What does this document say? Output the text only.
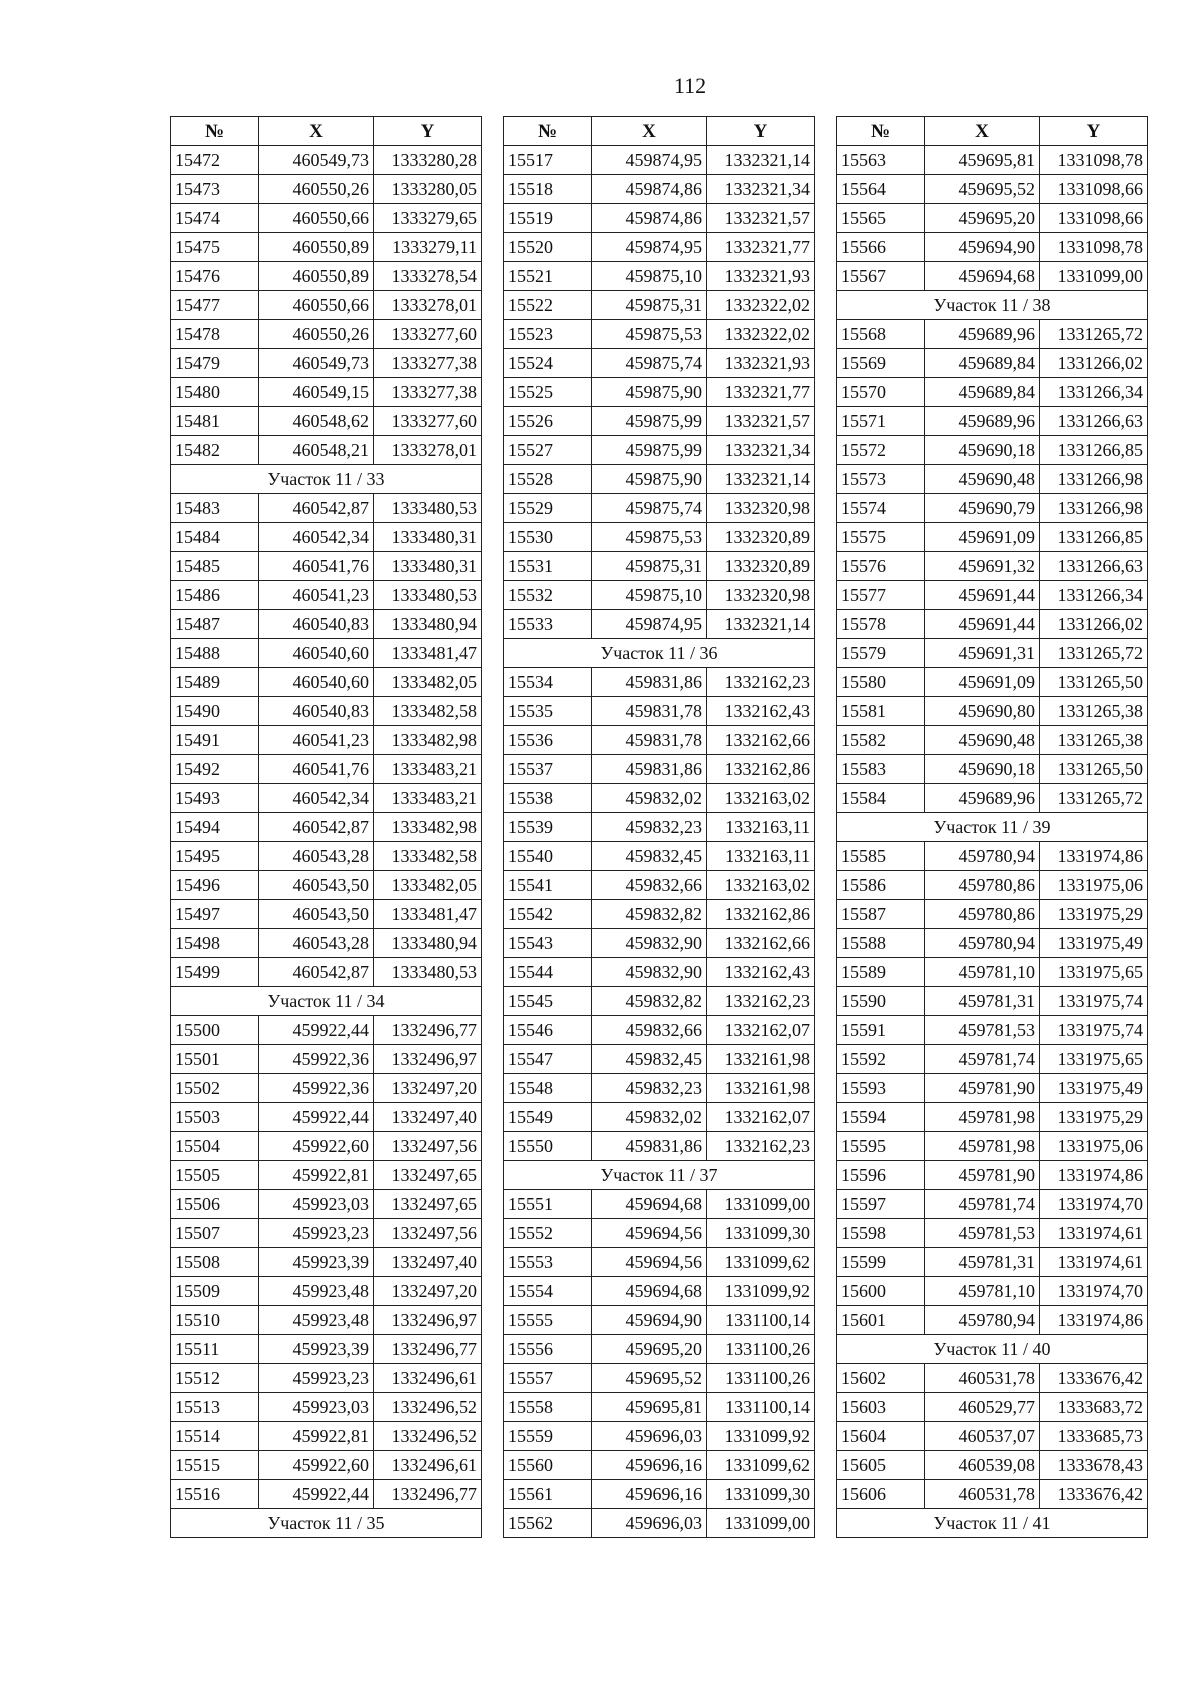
112
№	X	Y
15472	460549,73	1333280,28
15473	460550,26	1333280,05
15474	460550,66	1333279,65
15475	460550,89	1333279,11
15476	460550,89	1333278,54
15477	460550,66	1333278,01
15478	460550,26	1333277,60
15479	460549,73	1333277,38
15480	460549,15	1333277,38
15481	460548,62	1333277,60
15482	460548,21	1333278,01
Участок 11 / 33		
15483	460542,87	1333480,53
15484	460542,34	1333480,31
15485	460541,76	1333480,31
15486	460541,23	1333480,53
15487	460540,83	1333480,94
15488	460540,60	1333481,47
15489	460540,60	1333482,05
15490	460540,83	1333482,58
15491	460541,23	1333482,98
15492	460541,76	1333483,21
15493	460542,34	1333483,21
15494	460542,87	1333482,98
15495	460543,28	1333482,58
15496	460543,50	1333482,05
15497	460543,50	1333481,47
15498	460543,28	1333480,94
15499	460542,87	1333480,53
Участок 11 / 34		
15500	459922,44	1332496,77
15501	459922,36	1332496,97
15502	459922,36	1332497,20
15503	459922,44	1332497,40
15504	459922,60	1332497,56
15505	459922,81	1332497,65
15506	459923,03	1332497,65
15507	459923,23	1332497,56
15508	459923,39	1332497,40
15509	459923,48	1332497,20
15510	459923,48	1332496,97
15511	459923,39	1332496,77
15512	459923,23	1332496,61
15513	459923,03	1332496,52
15514	459922,81	1332496,52
15515	459922,60	1332496,61
15516	459922,44	1332496,77
Участок 11 / 35		
№	X	Y
15517	459874,95	1332321,14
15518	459874,86	1332321,34
15519	459874,86	1332321,57
15520	459874,95	1332321,77
15521	459875,10	1332321,93
15522	459875,31	1332322,02
15523	459875,53	1332322,02
15524	459875,74	1332321,93
15525	459875,90	1332321,77
15526	459875,99	1332321,57
15527	459875,99	1332321,34
15528	459875,90	1332321,14
15529	459875,74	1332320,98
15530	459875,53	1332320,89
15531	459875,31	1332320,89
15532	459875,10	1332320,98
15533	459874,95	1332321,14
Участок 11 / 36		
15534	459831,86	1332162,23
15535	459831,78	1332162,43
15536	459831,78	1332162,66
15537	459831,86	1332162,86
15538	459832,02	1332163,02
15539	459832,23	1332163,11
15540	459832,45	1332163,11
15541	459832,66	1332163,02
15542	459832,82	1332162,86
15543	459832,90	1332162,66
15544	459832,90	1332162,43
15545	459832,82	1332162,23
15546	459832,66	1332162,07
15547	459832,45	1332161,98
15548	459832,23	1332161,98
15549	459832,02	1332162,07
15550	459831,86	1332162,23
Участок 11 / 37		
15551	459694,68	1331099,00
15552	459694,56	1331099,30
15553	459694,56	1331099,62
15554	459694,68	1331099,92
15555	459694,90	1331100,14
15556	459695,20	1331100,26
15557	459695,52	1331100,26
15558	459695,81	1331100,14
15559	459696,03	1331099,92
15560	459696,16	1331099,62
15561	459696,16	1331099,30
15562	459696,03	1331099,00
№	X	Y
15563	459695,81	1331098,78
15564	459695,52	1331098,66
15565	459695,20	1331098,66
15566	459694,90	1331098,78
15567	459694,68	1331099,00
Участок 11 / 38		
15568	459689,96	1331265,72
15569	459689,84	1331266,02
15570	459689,84	1331266,34
15571	459689,96	1331266,63
15572	459690,18	1331266,85
15573	459690,48	1331266,98
15574	459690,79	1331266,98
15575	459691,09	1331266,85
15576	459691,32	1331266,63
15577	459691,44	1331266,34
15578	459691,44	1331266,02
15579	459691,31	1331265,72
15580	459691,09	1331265,50
15581	459690,80	1331265,38
15582	459690,48	1331265,38
15583	459690,18	1331265,50
15584	459689,96	1331265,72
Участок 11 / 39		
15585	459780,94	1331974,86
15586	459780,86	1331975,06
15587	459780,86	1331975,29
15588	459780,94	1331975,49
15589	459781,10	1331975,65
15590	459781,31	1331975,74
15591	459781,53	1331975,74
15592	459781,74	1331975,65
15593	459781,90	1331975,49
15594	459781,98	1331975,29
15595	459781,98	1331975,06
15596	459781,90	1331974,86
15597	459781,74	1331974,70
15598	459781,53	1331974,61
15599	459781,31	1331974,61
15600	459781,10	1331974,70
15601	459780,94	1331974,86
Участок 11 / 40		
15602	460531,78	1333676,42
15603	460529,77	1333683,72
15604	460537,07	1333685,73
15605	460539,08	1333678,43
15606	460531,78	1333676,42
Участок 11 / 41		
